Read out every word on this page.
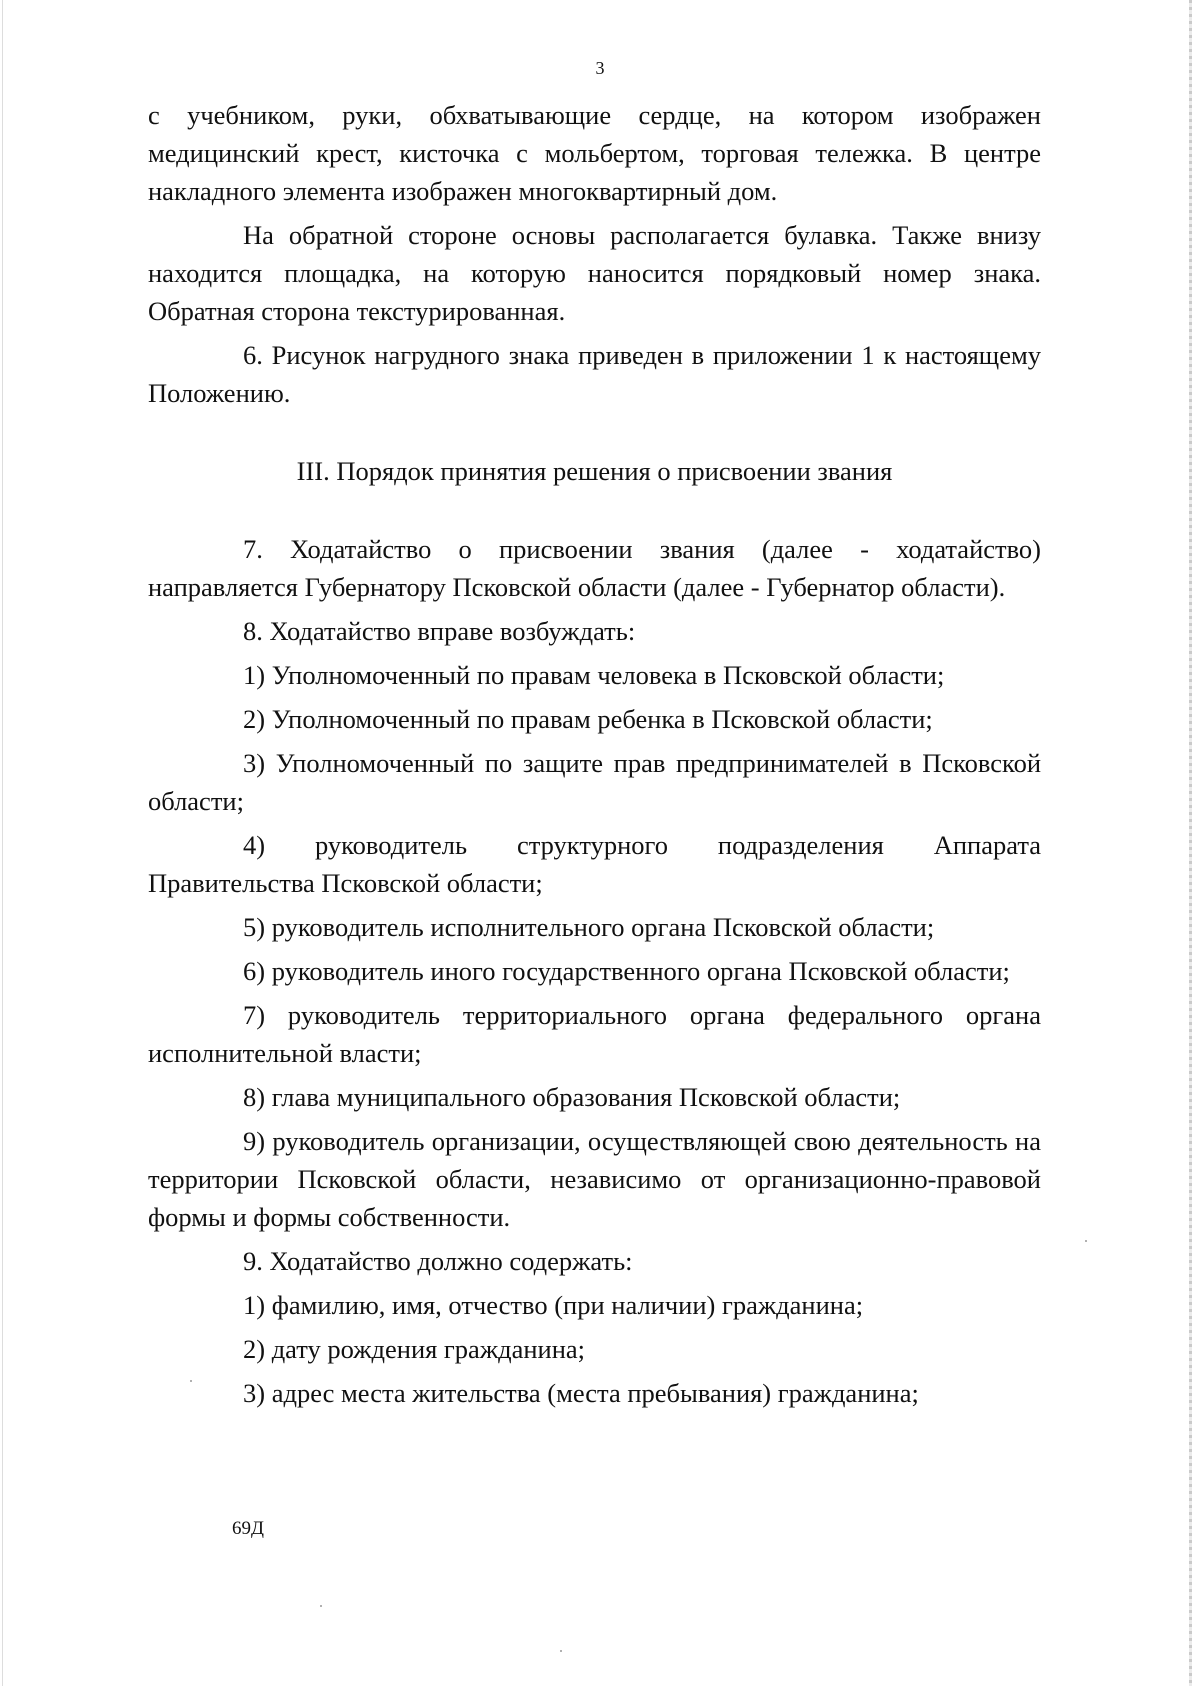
3

с учебником, руки, обхватывающие сердце, на котором изображен медицинский крест, кисточка с мольбертом, торговая тележка. В центре накладного элемента изображен многоквартирный дом.

На обратной стороне основы располагается булавка. Также внизу находится площадка, на которую наносится порядковый номер знака. Обратная сторона текстурированная.

6. Рисунок нагрудного знака приведен в приложении 1 к настоящему Положению.

III. Порядок принятия решения о присвоении звания

7. Ходатайство о присвоении звания (далее - ходатайство) направляется Губернатору Псковской области (далее - Губернатор области).

8. Ходатайство вправе возбуждать:

1) Уполномоченный по правам человека в Псковской области;

2) Уполномоченный по правам ребенка в Псковской области;

3) Уполномоченный по защите прав предпринимателей в Псковской области;

4) руководитель структурного подразделения Аппарата Правительства Псковской области;

5) руководитель исполнительного органа Псковской области;

6) руководитель иного государственного органа Псковской области;

7) руководитель территориального органа федерального органа исполнительной власти;

8) глава муниципального образования Псковской области;

9) руководитель организации, осуществляющей свою деятельность на территории Псковской области, независимо от организационно-правовой формы и формы собственности.

9. Ходатайство должно содержать:

1) фамилию, имя, отчество (при наличии) гражданина;

2) дату рождения гражданина;

3) адрес места жительства (места пребывания) гражданина;

69Д
